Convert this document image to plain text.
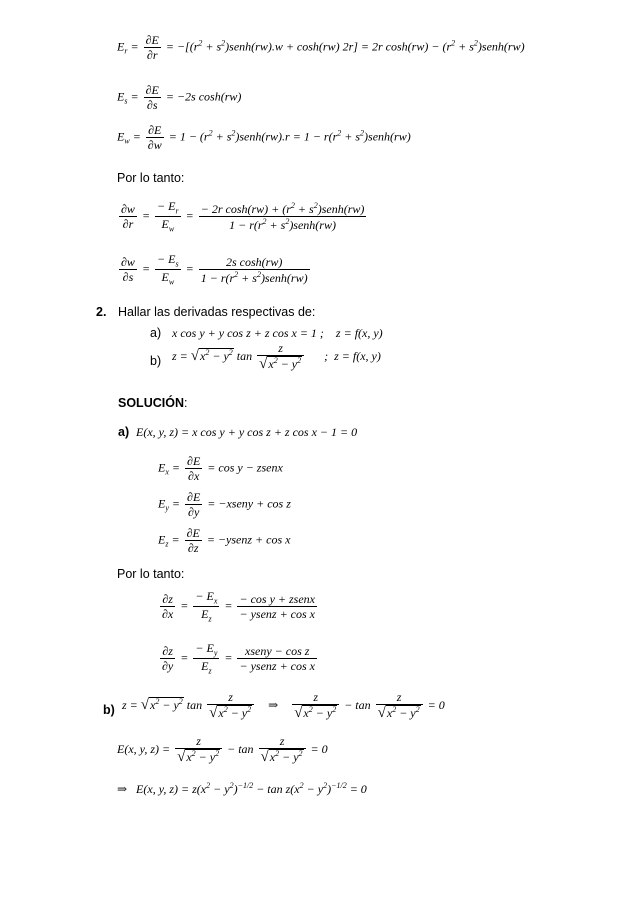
$E_r = \frac{\partial E}{\partial r} = -[(r^2$ + $s^2)senh(rw).w + \cosh(rw)$ 2r] = 2r $\cosh(rw) - (r^2$ + $s^2)senh(rw)$
$E_s = \frac{\partial E}{\partial s} = -2s$ cosh(rw)
$E_w = \frac{\partial E}{\partial w} = 1 - (r^2$ + $s^2)senh(rw).r = 1 - r(r^2$ + $s^2)senh(rw)$
Por lo tanto:
$\frac{\partial w}{\partial r} = \frac{- E_r}{E_w} = \frac{- 2r \cosh(rw) + (r^2 + s^2)senh(rw)}{1 - r(r^2 + s^2)senh(rw)}$
$\frac{\partial w}{\partial s} = \frac{- E_s}{E_w} = \frac{\text{2s cosh(rw)}}{1 - r(r^2 + s^2)senh(rw)}$
2. Hallar las derivadas respectivas de:
a) x cos y + y cos z + z cos x = 1 ;    z = f(x, y)
b) $z = √x^2 - y^2$ $\tan \frac{z}{√x^2 - y^2}$ ;  z = f(x, y)
SOLUCIÓN:
a) E(x, y, z) = x cos y + y cos z + z cos x − 1 = 0
$E_x = \frac{\partial E}{\partial x} = \cos y$ − zsenx
$E_y = \frac{\partial E}{\partial y}$ = −xseny + cos z
$E_z = \frac{\partial E}{\partial z}$ = −ysenz + cos x
Por lo tanto:
$\frac{\partial z}{\partial x} = \frac{- E_x}{E_z} = \frac{\text{− cos y + zsenx}}{\text{− ysenz + cos x}}$
$\frac{\partial z}{\partial y} = \frac{- E_y}{E_z} = \frac{\text{xseny − cos z}}{\text{− ysenz + cos x}}$
b) $z = √x^2 - y^2$ $\tan \frac{z}{√x^2 - y^2}$ ⇒ $\frac{z}{√x^2 - y^2} - \tan \frac{z}{√x^2 - y^2} = 0$
E(x, y, $z) = \frac{z}{√x^2 - y^2} - \tan \frac{z}{√x^2 - y^2} = 0$
⇒   E(x, y, $z) = z(x^2 - y^2)^{-1/2} - \tan z(x^2 - y^2)^{-1/2} = 0$
